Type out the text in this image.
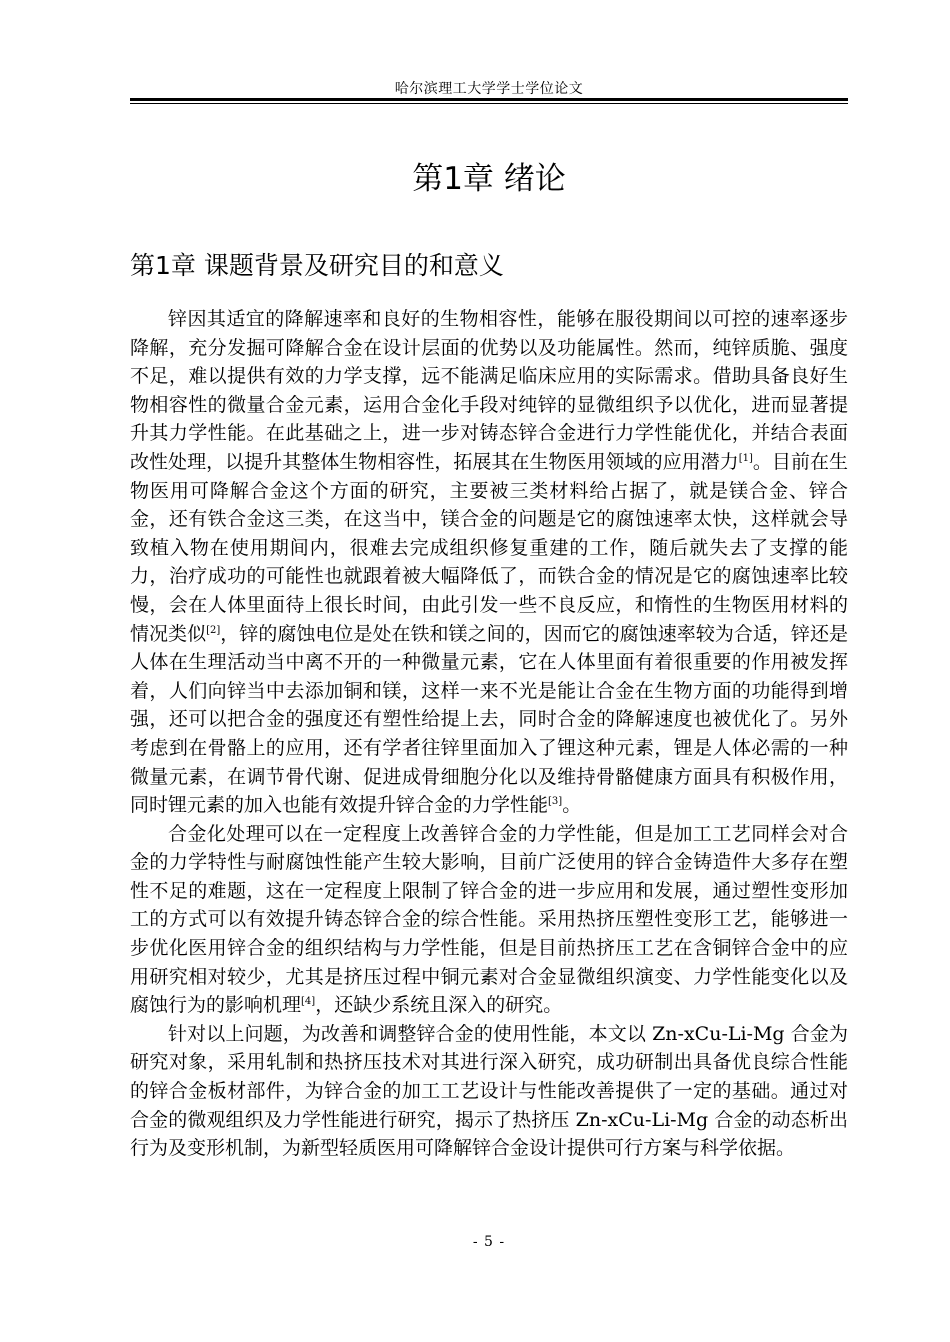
哈尔滨理工大学学士学位论文
第1章 绪论
第1章 课题背景及研究目的和意义

锌因其适宜的降解速率和良好的生物相容性，能够在服役期间以可控的速率逐步降解，充分发掘可降解合金在设计层面的优势以及功能属性。然而，纯锌质脆、强度不足，难以提供有效的力学支撑，远不能满足临床应用的实际需求。借助具备良好生物相容性的微量合金元素，运用合金化手段对纯锌的显微组织予以优化，进而显著提升其力学性能。在此基础之上，进一步对铸态锌合金进行力学性能优化，并结合表面改性处理，以提升其整体生物相容性，拓展其在生物医用领域的应用潜力[1]。目前在生物医用可降解合金这个方面的研究，主要被三类材料给占据了，就是镁合金、锌合金，还有铁合金这三类，在这当中，镁合金的问题是它的腐蚀速率太快，这样就会导致植入物在使用期间内，很难去完成组织修复重建的工作，随后就失去了支撑的能力，治疗成功的可能性也就跟着被大幅降低了，而铁合金的情况是它的腐蚀速率比较慢，会在人体里面待上很长时间，由此引发一些不良反应，和惰性的生物医用材料的情况类似[2]，锌的腐蚀电位是处在铁和镁之间的，因而它的腐蚀速率较为合适，锌还是人体在生理活动当中离不开的一种微量元素，它在人体里面有着很重要的作用被发挥着，人们向锌当中去添加铜和镁，这样一来不光是能让合金在生物方面的功能得到增强，还可以把合金的强度还有塑性给提上去，同时合金的降解速度也被优化了。另外考虑到在骨骼上的应用，还有学者往锌里面加入了锂这种元素，锂是人体必需的一种微量元素，在调节骨代谢、促进成骨细胞分化以及维持骨骼健康方面具有积极作用，同时锂元素的加入也能有效提升锌合金的力学性能[3]。

合金化处理可以在一定程度上改善锌合金的力学性能，但是加工工艺同样会对合金的力学特性与耐腐蚀性能产生较大影响，目前广泛使用的锌合金铸造件大多存在塑性不足的难题，这在一定程度上限制了锌合金的进一步应用和发展，通过塑性变形加工的方式可以有效提升铸态锌合金的综合性能。采用热挤压塑性变形工艺，能够进一步优化医用锌合金的组织结构与力学性能，但是目前热挤压工艺在含铜锌合金中的应用研究相对较少，尤其是挤压过程中铜元素对合金显微组织演变、力学性能变化以及腐蚀行为的影响机理[4]，还缺少系统且深入的研究。

针对以上问题，为改善和调整锌合金的使用性能，本文以 Zn-xCu-Li-Mg 合金为研究对象，采用轧制和热挤压技术对其进行深入研究，成功研制出具备优良综合性能的锌合金板材部件，为锌合金的加工工艺设计与性能改善提供了一定的基础。通过对合金的微观组织及力学性能进行研究，揭示了热挤压 Zn-xCu-Li-Mg 合金的动态析出行为及变形机制，为新型轻质医用可降解锌合金设计提供可行方案与科学依据。

- 5 -
